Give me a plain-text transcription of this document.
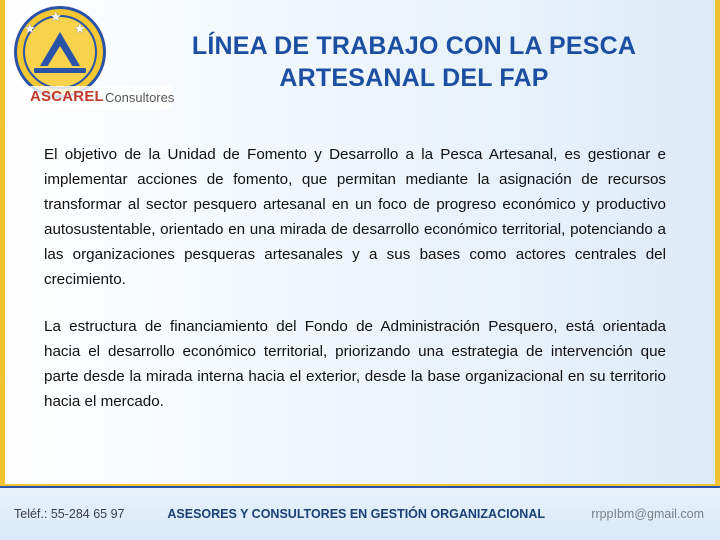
★
★
★
ASCAREL Consultores
LÍNEA DE TRABAJO CON LA PESCA
ARTESANAL DEL FAP

El objetivo de la Unidad de Fomento y Desarrollo a la Pesca Artesanal, es gestionar e implementar acciones de fomento, que permitan mediante la asignación de recursos transformar al sector pesquero artesanal en un foco de progreso económico y productivo autosustentable, orientado en una mirada de desarrollo económico territorial, potenciando a las organizaciones pesqueras artesanales y a sus bases como actores centrales del crecimiento.

La estructura de financiamiento del Fondo de Administración Pesquero, está orientada hacia el desarrollo económico territorial, priorizando una estrategia de intervención que parte desde la mirada interna hacia el exterior, desde la base organizacional en su territorio hacia el mercado.

Teléf.: 55-284 65 97	ASESORES Y CONSULTORES EN GESTIÓN ORGANIZACIONAL	rrppIbm@gmail.com
